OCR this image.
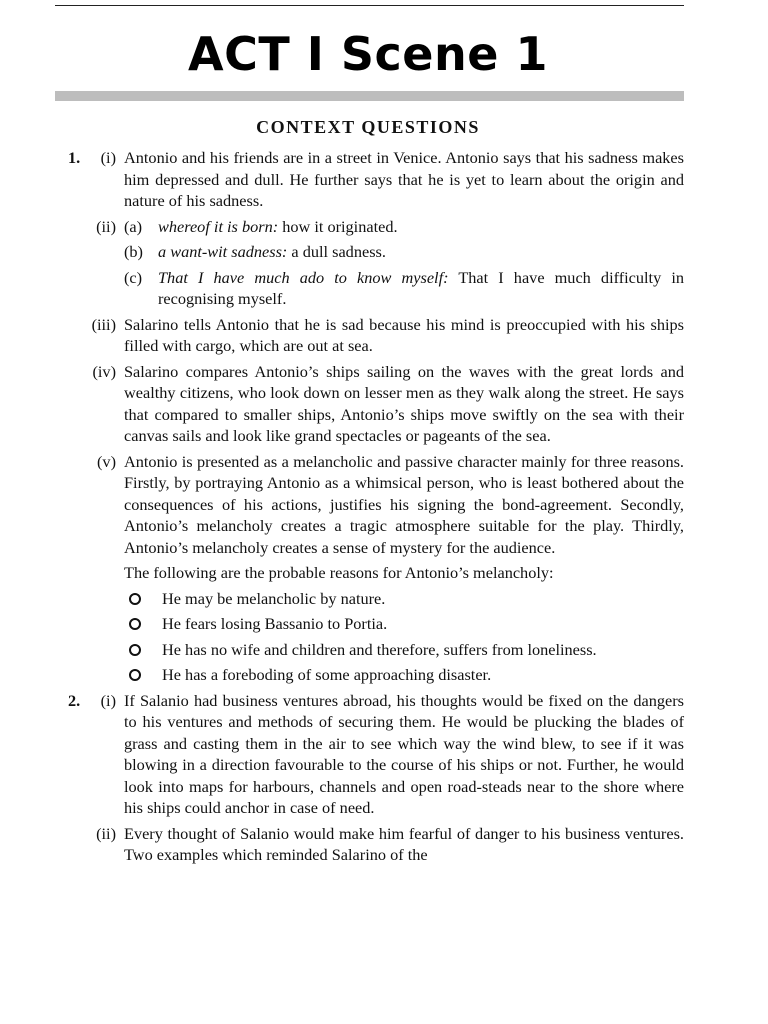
ACT I Scene 1
CONTEXT QUESTIONS
1.	(i) Antonio and his friends are in a street in Venice. Antonio says that his sadness makes him depressed and dull. He further says that he is yet to learn about the origin and nature of his sadness.
(ii) (a) whereof it is born: how it originated.
(b) a want-wit sadness: a dull sadness.
(c) That I have much ado to know myself: That I have much difficulty in recognising myself.
(iii) Salarino tells Antonio that he is sad because his mind is preoccupied with his ships filled with cargo, which are out at sea.
(iv) Salarino compares Antonio’s ships sailing on the waves with the great lords and wealthy citizens, who look down on lesser men as they walk along the street. He says that compared to smaller ships, Antonio’s ships move swiftly on the sea with their canvas sails and look like grand spectacles or pageants of the sea.
(v) Antonio is presented as a melancholic and passive character mainly for three reasons. Firstly, by portraying Antonio as a whimsical person, who is least bothered about the consequences of his actions, justifies his signing the bond-agreement. Secondly, Antonio’s melancholy creates a tragic atmosphere suitable for the play. Thirdly, Antonio’s melancholy creates a sense of mystery for the audience.
The following are the probable reasons for Antonio’s melancholy:
He may be melancholic by nature.
He fears losing Bassanio to Portia.
He has no wife and children and therefore, suffers from loneliness.
He has a foreboding of some approaching disaster.
2.	(i) If Salanio had business ventures abroad, his thoughts would be fixed on the dangers to his ventures and methods of securing them. He would be plucking the blades of grass and casting them in the air to see which way the wind blew, to see if it was blowing in a direction favourable to the course of his ships or not. Further, he would look into maps for harbours, channels and open road-steads near to the shore where his ships could anchor in case of need.
(ii) Every thought of Salanio would make him fearful of danger to his business ventures. Two examples which reminded Salarino of the
